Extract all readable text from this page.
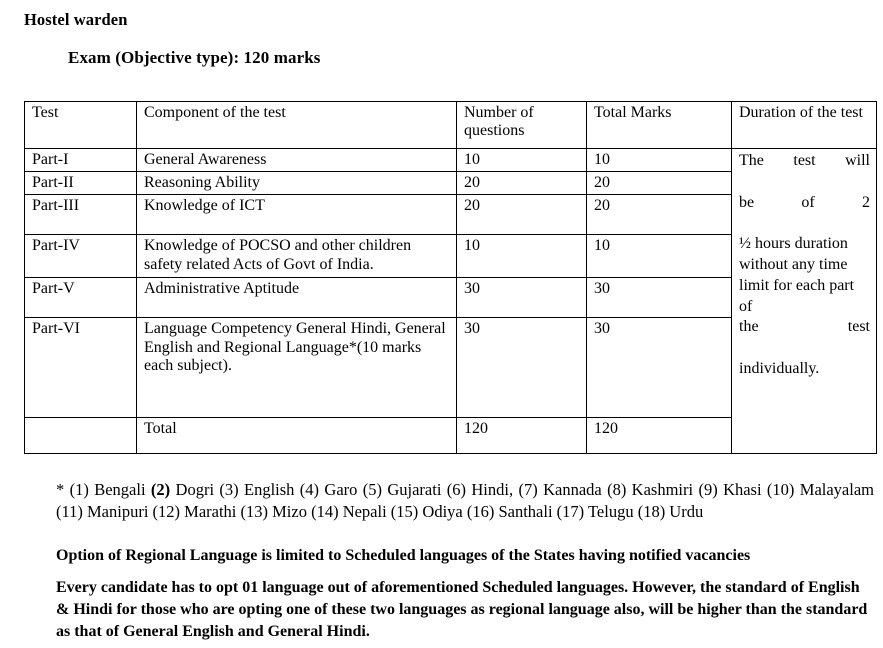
Hostel warden
Exam (Objective type): 120 marks
Test	Component of the test	Number of questions	Total Marks	Duration of the test
Part-I	General Awareness	10	10	The test will
be of 2
½ hours duration without any time limit for each part of
the test
individually.
Part-II	Reasoning Ability	20	20	
Part-III	Knowledge of ICT	20	20	
Part-IV	Knowledge of POCSO and other children safety related Acts of Govt of India.	10	10	
Part-V	Administrative Aptitude	30	30	
Part-VI	Language Competency General Hindi, General English and Regional Language*(10 marks each subject).	30	30	
	Total	120	120	
* (1) Bengali (2) Dogri (3) English (4) Garo (5) Gujarati (6) Hindi, (7) Kannada (8) Kashmiri (9) Khasi (10) Malayalam (11) Manipuri (12) Marathi (13) Mizo (14) Nepali (15) Odiya (16) Santhali (17) Telugu (18) Urdu
Option of Regional Language is limited to Scheduled languages of the States having notified vacancies
Every candidate has to opt 01 language out of aforementioned Scheduled languages. However, the standard of English & Hindi for those who are opting one of these two languages as regional language also, will be higher than the standard as that of General English and General Hindi.
